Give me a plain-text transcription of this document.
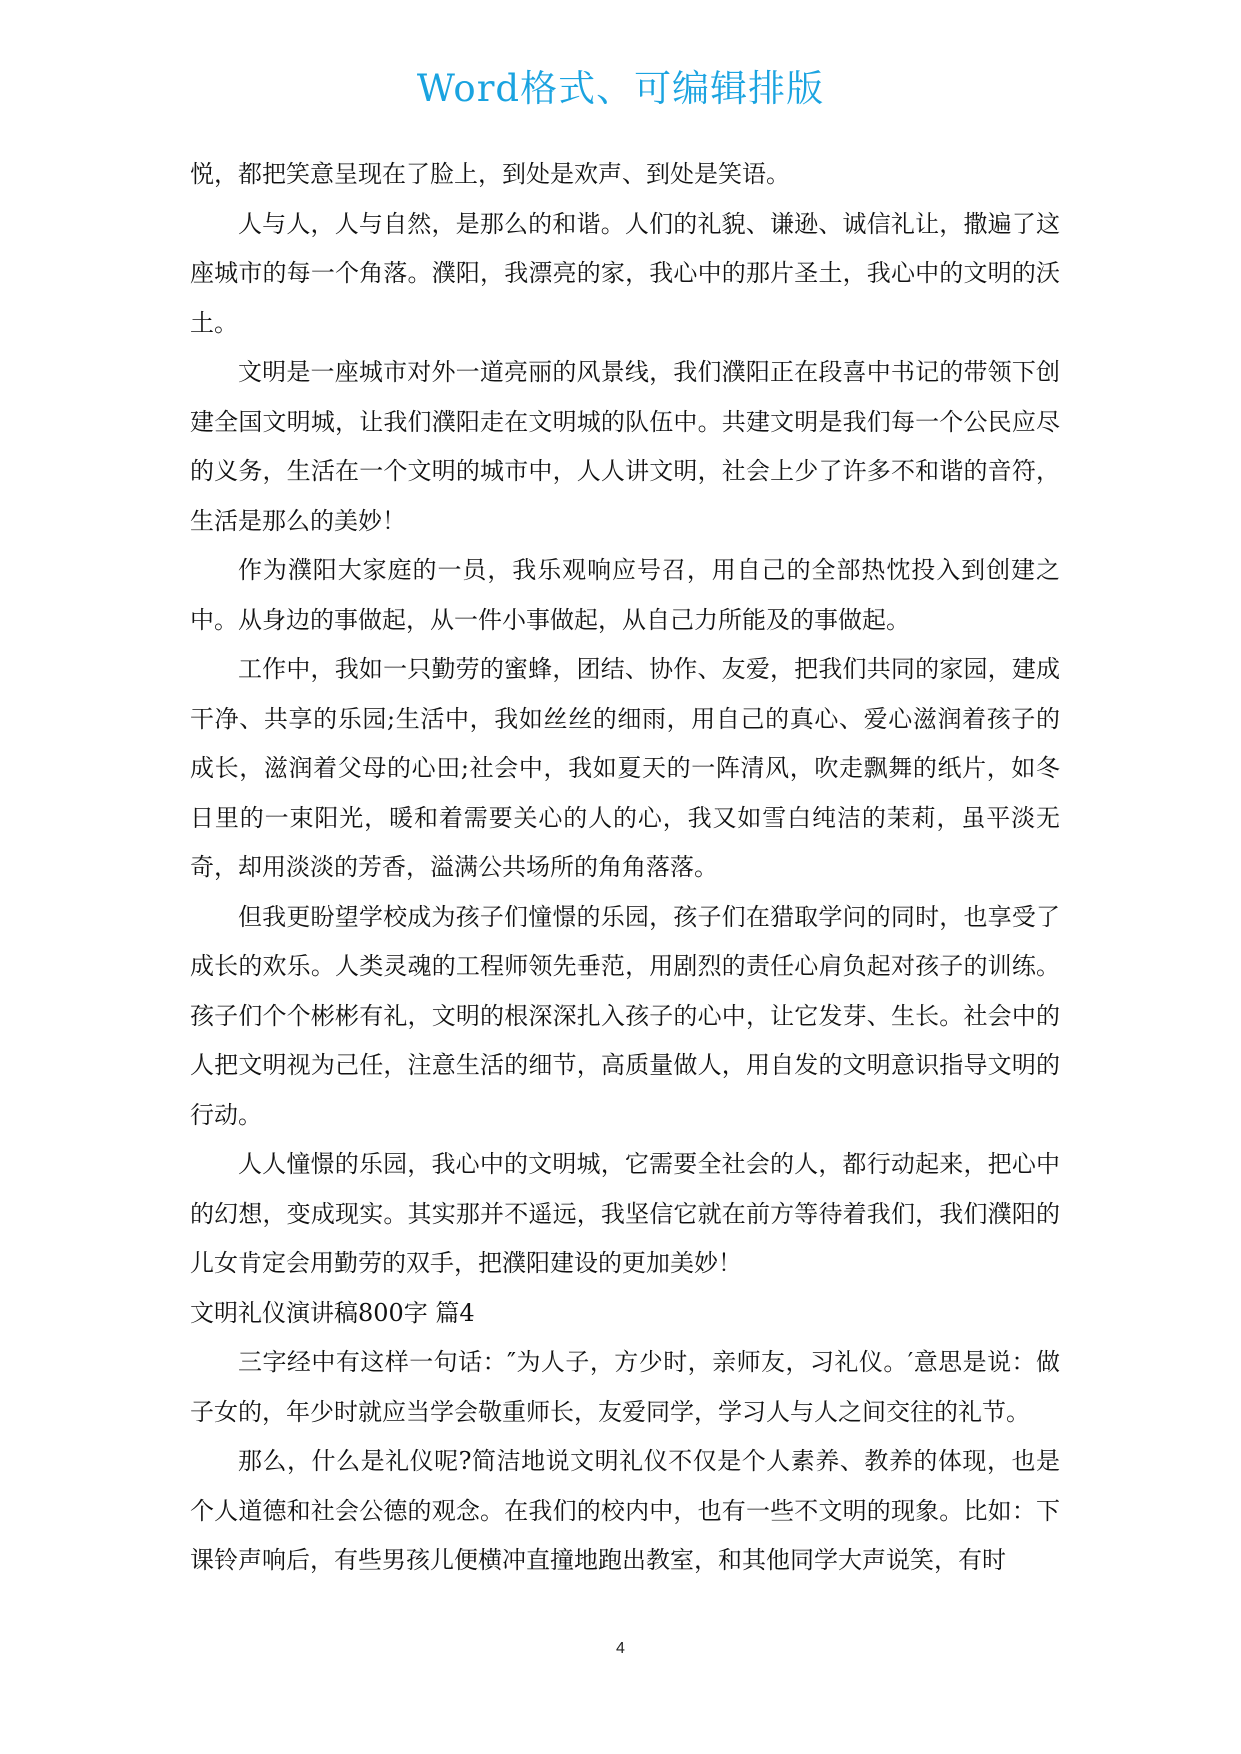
Word格式、可编辑排版

悦，都把笑意呈现在了脸上，到处是欢声、到处是笑语。

人与人，人与自然，是那么的和谐。人们的礼貌、谦逊、诚信礼让，撒遍了这座城市的每一个角落。濮阳，我漂亮的家，我心中的那片圣土，我心中的文明的沃土。

文明是一座城市对外一道亮丽的风景线，我们濮阳正在段喜中书记的带领下创建全国文明城，让我们濮阳走在文明城的队伍中。共建文明是我们每一个公民应尽的义务，生活在一个文明的城市中，人人讲文明，社会上少了许多不和谐的音符，生活是那么的美妙！

作为濮阳大家庭的一员，我乐观响应号召，用自己的全部热忱投入到创建之中。从身边的事做起，从一件小事做起，从自己力所能及的事做起。

工作中，我如一只勤劳的蜜蜂，团结、协作、友爱，把我们共同的家园，建成干净、共享的乐园;生活中，我如丝丝的细雨，用自己的真心、爱心滋润着孩子的成长，滋润着父母的心田;社会中，我如夏天的一阵清风，吹走飘舞的纸片，如冬日里的一束阳光，暖和着需要关心的人的心，我又如雪白纯洁的茉莉，虽平淡无奇，却用淡淡的芳香，溢满公共场所的角角落落。

但我更盼望学校成为孩子们憧憬的乐园，孩子们在猎取学问的同时，也享受了成长的欢乐。人类灵魂的工程师领先垂范，用剧烈的责任心肩负起对孩子的训练。孩子们个个彬彬有礼，文明的根深深扎入孩子的心中，让它发芽、生长。社会中的人把文明视为己任，注意生活的细节，高质量做人，用自发的文明意识指导文明的行动。

人人憧憬的乐园，我心中的文明城，它需要全社会的人，都行动起来，把心中的幻想，变成现实。其实那并不遥远，我坚信它就在前方等待着我们，我们濮阳的儿女肯定会用勤劳的双手，把濮阳建设的更加美妙！

文明礼仪演讲稿800字 篇4

三字经中有这样一句话：″为人子，方少时，亲师友，习礼仪。′意思是说：做子女的，年少时就应当学会敬重师长，友爱同学，学习人与人之间交往的礼节。

那么，什么是礼仪呢?简洁地说文明礼仪不仅是个人素养、教养的体现，也是个人道德和社会公德的观念。在我们的校内中，也有一些不文明的现象。比如：下课铃声响后，有些男孩儿便横冲直撞地跑出教室，和其他同学大声说笑，有时

4
